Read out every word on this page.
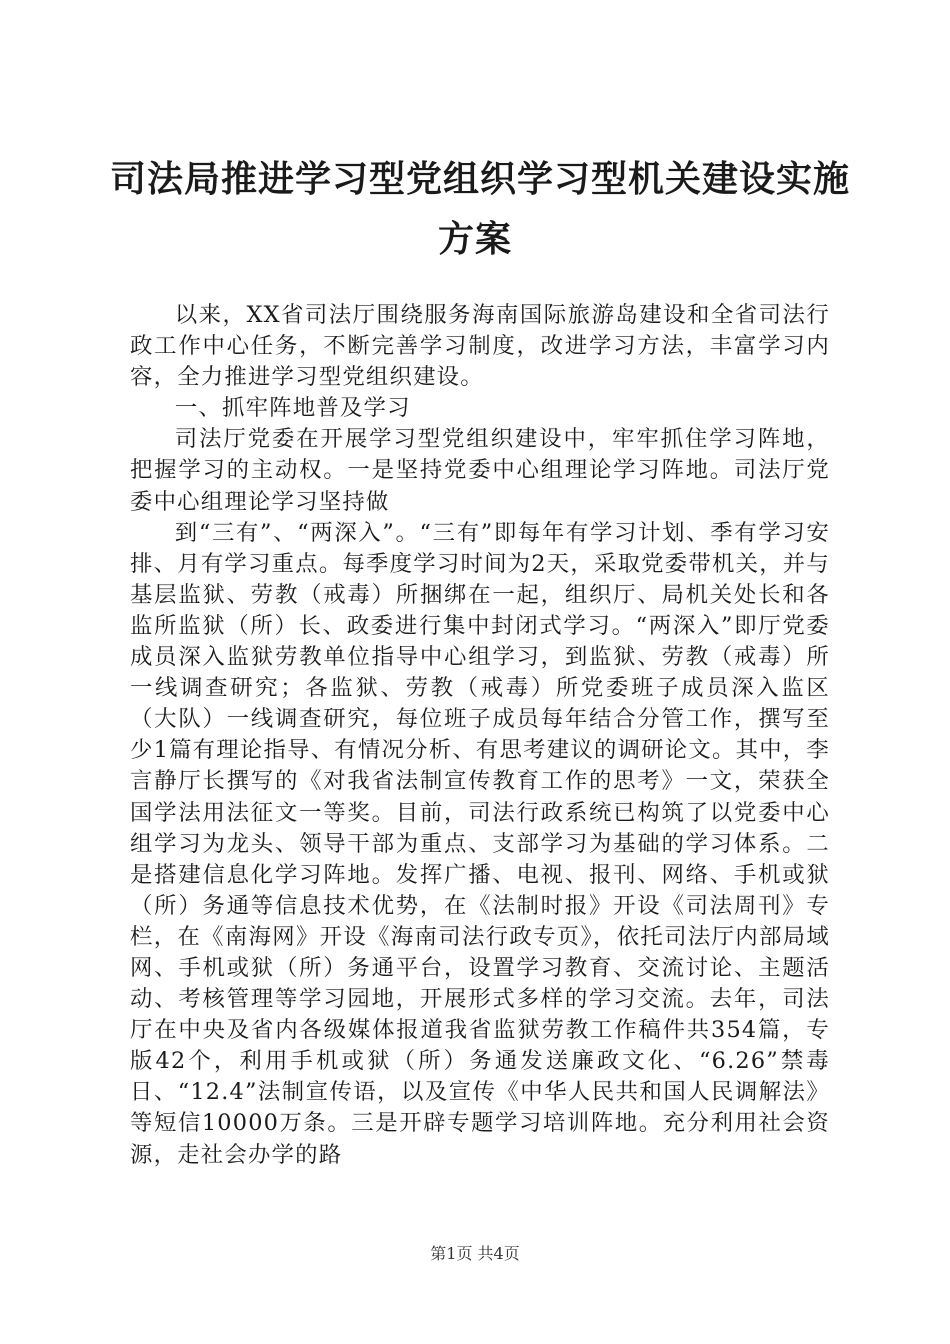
司法局推进学习型党组织学习型机关建设实施
方案

以来，XX省司法厅围绕服务海南国际旅游岛建设和全省司法行政工作中心任务，不断完善学习制度，改进学习方法，丰富学习内容，全力推进学习型党组织建设。

一、抓牢阵地普及学习

司法厅党委在开展学习型党组织建设中，牢牢抓住学习阵地，把握学习的主动权。一是坚持党委中心组理论学习阵地。司法厅党委中心组理论学习坚持做

到“三有”、“两深入”。“三有”即每年有学习计划、季有学习安排、月有学习重点。每季度学习时间为2天，采取党委带机关，并与基层监狱、劳教（戒毒）所捆绑在一起，组织厅、局机关处长和各监所监狱（所）长、政委进行集中封闭式学习。“两深入”即厅党委成员深入监狱劳教单位指导中心组学习，到监狱、劳教（戒毒）所一线调查研究；各监狱、劳教（戒毒）所党委班子成员深入监区（大队）一线调查研究，每位班子成员每年结合分管工作，撰写至少1篇有理论指导、有情况分析、有思考建议的调研论文。其中，李言静厅长撰写的《对我省法制宣传教育工作的思考》一文，荣获全国学法用法征文一等奖。目前，司法行政系统已构筑了以党委中心组学习为龙头、领导干部为重点、支部学习为基础的学习体系。二是搭建信息化学习阵地。发挥广播、电视、报刊、网络、手机或狱（所）务通等信息技术优势，在《法制时报》开设《司法周刊》专栏，在《南海网》开设《海南司法行政专页》，依托司法厅内部局域网、手机或狱（所）务通平台，设置学习教育、交流讨论、主题活动、考核管理等学习园地，开展形式多样的学习交流。去年，司法厅在中央及省内各级媒体报道我省监狱劳教工作稿件共354篇，专版42个，利用手机或狱（所）务通发送廉政文化、“6.26”禁毒日、“12.4”法制宣传语，以及宣传《中华人民共和国人民调解法》等短信10000万条。三是开辟专题学习培训阵地。充分利用社会资源，走社会办学的路

第1页 共4页
